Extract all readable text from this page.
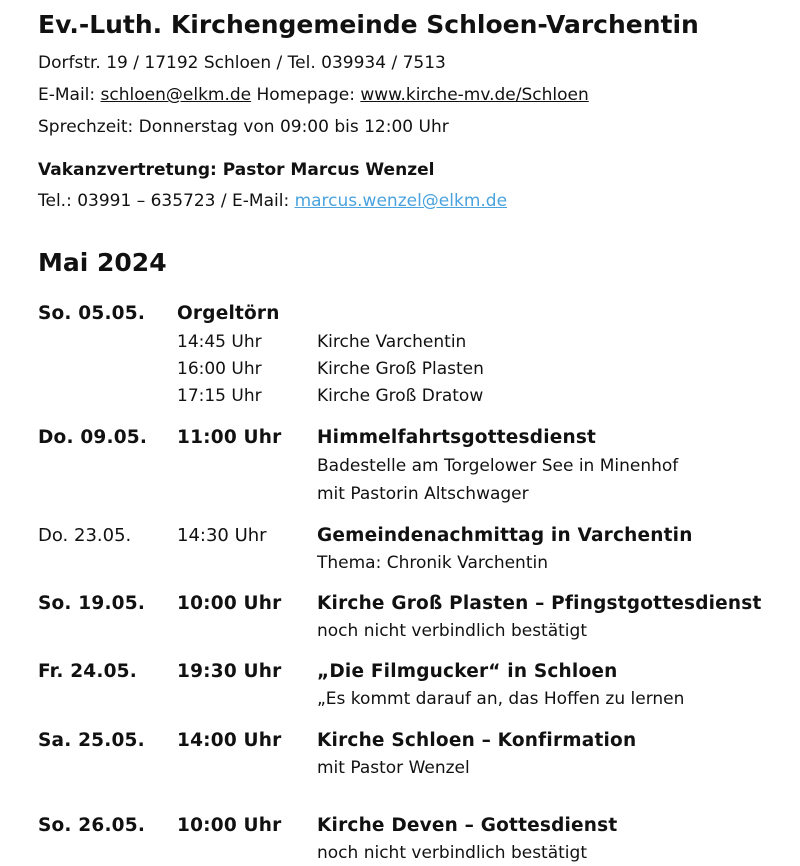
Ev.-Luth. Kirchengemeinde Schloen-Varchentin
Dorfstr. 19 / 17192 Schloen / Tel. 039934 / 7513
E-Mail: schloen@elkm.de Homepage: www.kirche-mv.de/Schloen
Sprechzeit: Donnerstag von 09:00 bis 12:00 Uhr
Vakanzvertretung: Pastor Marcus Wenzel
Tel.: 03991 – 635723 / E-Mail: marcus.wenzel@elkm.de
Mai 2024
So. 05.05. Orgeltörn
14:45 Uhr	Kirche Varchentin
16:00 Uhr	Kirche Groß Plasten
17:15 Uhr	Kirche Groß Dratow
Do. 09.05. 11:00 Uhr Himmelfahrtsgottesdienst
Badestelle am Torgelower See in Minenhof
mit Pastorin Altschwager
Do. 23.05.	14:30 Uhr	Gemeindenachmittag in Varchentin
Thema: Chronik Varchentin
So. 19.05. 10:00 Uhr Kirche Groß Plasten – Pfingstgottesdienst
noch nicht verbindlich bestätigt
Fr. 24.05. 19:30 Uhr „Die Filmgucker“ in Schloen
„Es kommt darauf an, das Hoffen zu lernen
Sa. 25.05. 14:00 Uhr Kirche Schloen – Konfirmation
mit Pastor Wenzel
So. 26.05. 10:00 Uhr Kirche Deven – Gottesdienst
noch nicht verbindlich bestätigt
